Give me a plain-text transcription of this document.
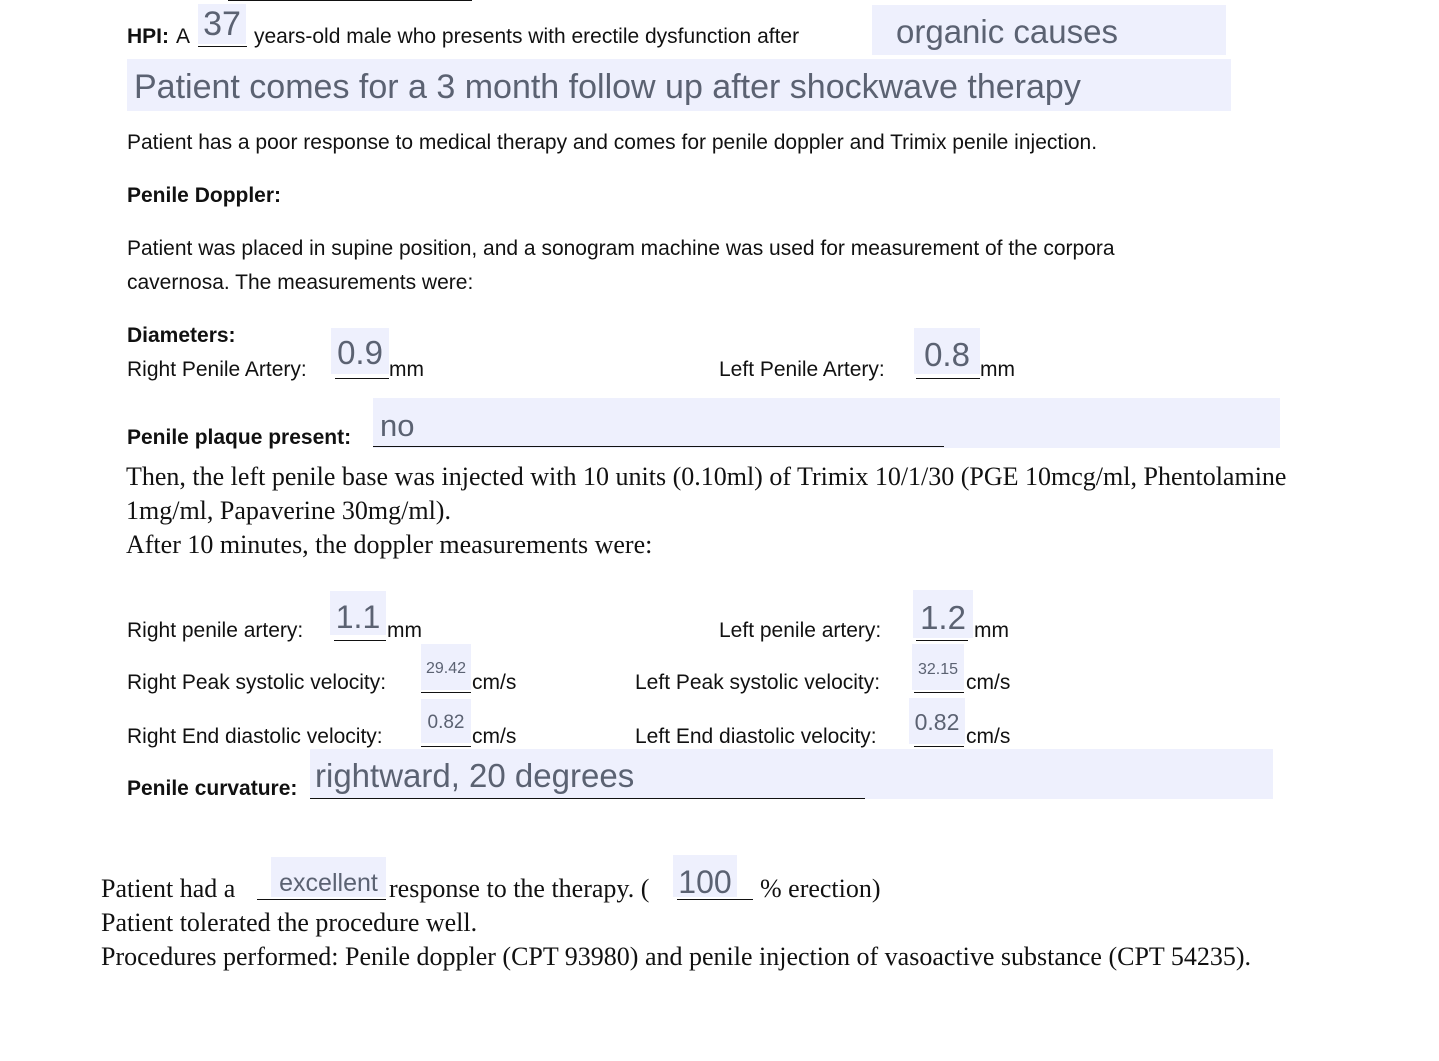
HPI: A 37 years-old male who presents with erectile dysfunction after	organic causes
Patient comes for a 3 month follow up after shockwave therapy
Patient has a poor response to medical therapy and comes for penile doppler and Trimix penile injection.
Penile Doppler:
Patient was placed in supine position, and a sonogram machine was used for measurement of the corpora
cavernosa. The measurements were:
Diameters:
Right Penile Artery: 0.9 mm	Left Penile Artery:	0.8 mm
Penile plaque present: no
Then, the left penile base was injected with 10 units (0.10ml) of Trimix 10/1/30 (PGE 10mcg/ml, Phentolamine
1mg/ml, Papaverine 30mg/ml).
After 10 minutes, the doppler measurements were:
Right penile artery: 1.1 mm	Left penile artery: 1.2 mm
Right Peak systolic velocity:
29.42
cm/s	Left Peak systolic velocity:
32.15
cm/s
Right End diastolic velocity:
0.82
cm/s	Left End diastolic velocity:
0.82
cm/s
Penile curvature: rightward, 20 degrees
Patient had a	excellent response to the therapy. ( 100 % erection)
Patient tolerated the procedure well.
Procedures performed: Penile doppler (CPT 93980) and penile injection of vasoactive substance (CPT 54235).
